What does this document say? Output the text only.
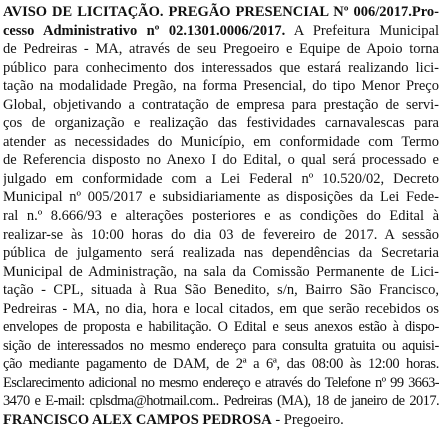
AVISO DE LICITAÇÃO. PREGÃO PRESENCIAL Nº 006/2017.Pro-
cesso Administrativo nº 02.1301.0006/2017. A Prefeitura Municipal
de Pedreiras - MA, através de seu Pregoeiro e Equipe de Apoio torna
público para conhecimento dos interessados que estará realizando lici-
tação na modalidade Pregão, na forma Presencial, do tipo Menor Preço
Global, objetivando a contratação de empresa para prestação de servi-
ços de organização e realização das festividades carnavalescas para
atender as necessidades do Município, em conformidade com Termo
de Referencia disposto no Anexo I do Edital, o qual será processado e
julgado em conformidade com a Lei Federal nº 10.520/02, Decreto
Municipal nº 005/2017 e subsidiariamente as disposições da Lei Fede-
ral n.º 8.666/93 e alterações posteriores e as condições do Edital à
realizar-se às 10:00 horas do dia 03 de fevereiro de 2017. A sessão
pública de julgamento será realizada nas dependências da Secretaria
Municipal de Administração, na sala da Comissão Permanente de Lici-
tação - CPL, situada à Rua São Benedito, s/n, Bairro São Francisco,
Pedreiras - MA, no dia, hora e local citados, em que serão recebidos os
envelopes de proposta e habilitação. O Edital e seus anexos estão à dispo-
sição de interessados no mesmo endereço para consulta gratuita ou aquisi-
ção mediante pagamento de DAM, de 2ª a 6ª, das 08:00 às 12:00 horas.
Esclarecimento adicional no mesmo endereço e através do Telefone nº 99 3663-
3470 e E-mail: cplsdma@hotmail.com.. Pedreiras (MA), 18 de janeiro de 2017.
FRANCISCO ALEX CAMPOS PEDROSA - Pregoeiro.
